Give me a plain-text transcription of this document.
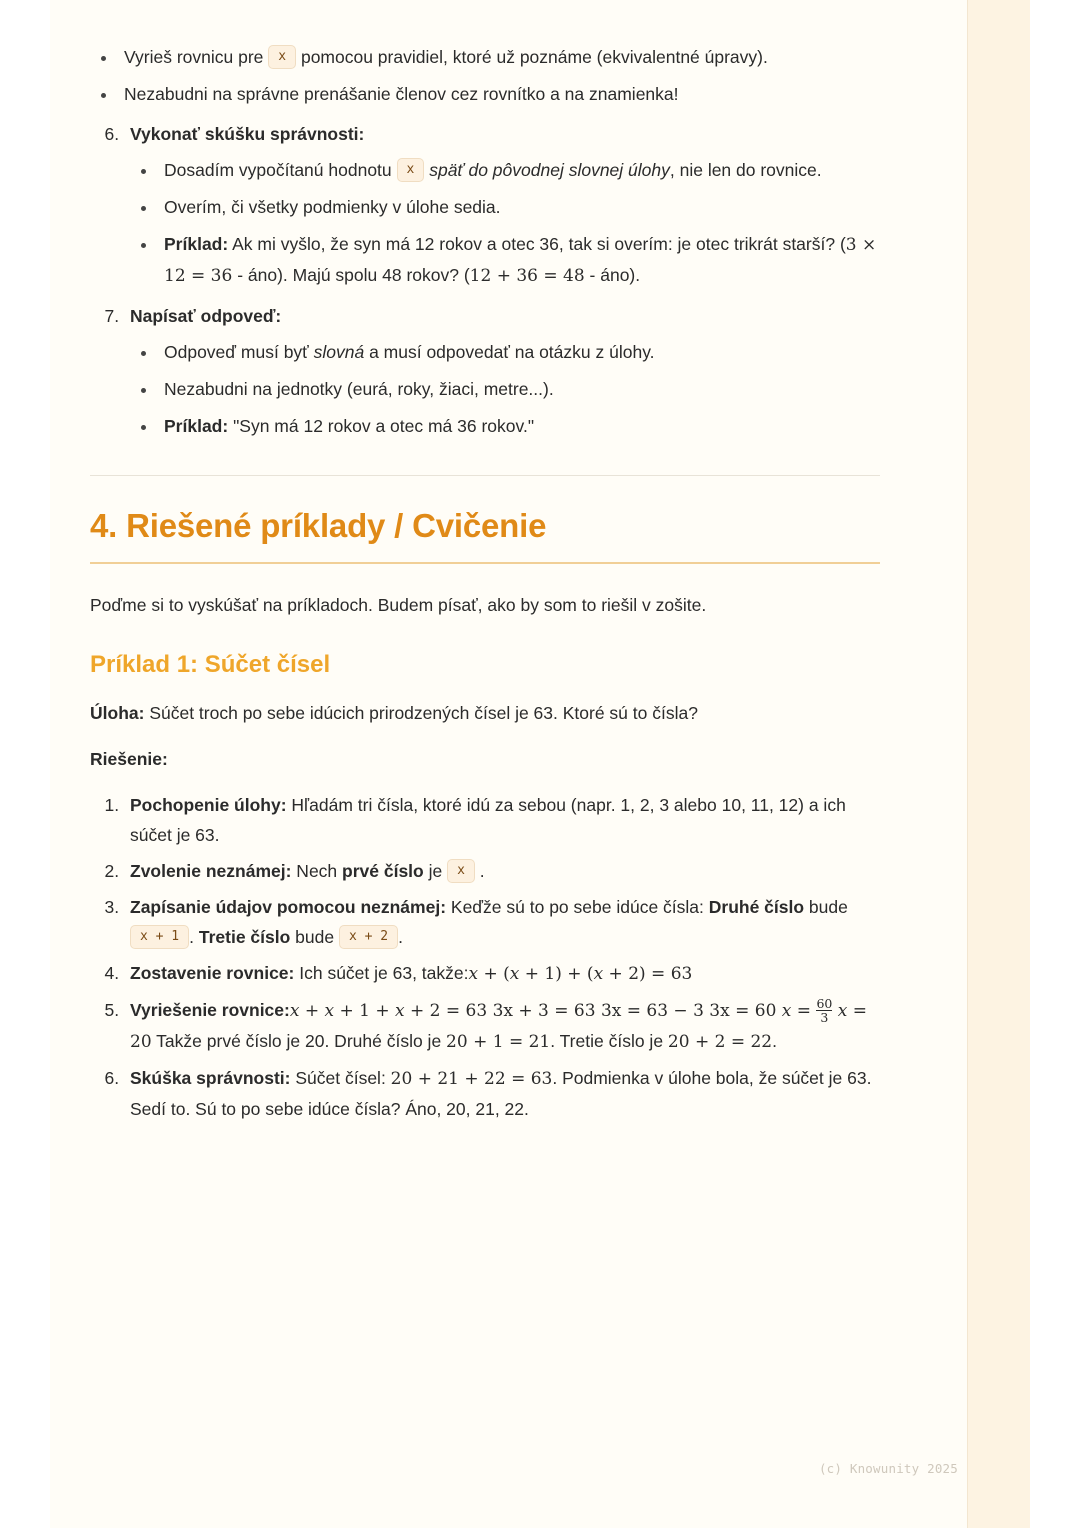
• Vyrieš rovnicu pre x pomocou pravidiel, ktoré už poznáme (ekvivalentné úpravy).
• Nezabudni na správne prenášanie členov cez rovnítko a na znamienka!
6. Vykonať skúšku správnosti:
• Dosadím vypočítanú hodnotu x späť do pôvodnej slovnej úlohy, nie len do rovnice.
• Overím, či všetky podmienky v úlohe sedia.
• Príklad: Ak mi vyšlo, že syn má 12 rokov a otec 36, tak si overím: je otec trikrát starší? (3 × 12 = 36 - áno). Majú spolu 48 rokov? (12 + 36 = 48 - áno).
7. Napísať odpoveď:
• Odpoveď musí byť slovná a musí odpovedať na otázku z úlohy.
• Nezabudni na jednotky (eurá, roky, žiaci, metre...).
• Príklad: "Syn má 12 rokov a otec má 36 rokov."
4. Riešené príklady / Cvičenie

Poďme si to vyskúšať na príkladoch. Budem písať, ako by som to riešil v zošite.

Príklad 1: Súčet čísel

Úloha: Súčet troch po sebe idúcich prirodzených čísel je 63. Ktoré sú to čísla?

Riešenie:

1. Pochopenie úlohy: Hľadám tri čísla, ktoré idú za sebou (napr. 1, 2, 3 alebo 10, 11, 12) a ich súčet je 63.
2. Zvolenie neznámej: Nech prvé číslo je x .
3. Zapísanie údajov pomocou neznámej: Keďže sú to po sebe idúce čísla: Druhé číslo bude x + 1 . Tretie číslo bude x + 2 .
4. Zostavenie rovnice: Ich súčet je 63, takže:x + (x + 1) + (x + 2) = 63
5. Vyriešenie rovnice:x + x + 1 + x + 2 = 63 3x + 3 = 63 3x = 63 − 3 3x = 60 $x = \frac{60}{3}$ x = 20 Takže prvé číslo je 20. Druhé číslo je 20 + 1 = 21. Tretie číslo je 20 + 2 = 22.
6. Skúška správnosti: Súčet čísel: 20 + 21 + 22 = 63. Podmienka v úlohe bola, že súčet je 63. Sedí to. Sú to po sebe idúce čísla? Áno, 20, 21, 22.
(c) Knowunity 2025
